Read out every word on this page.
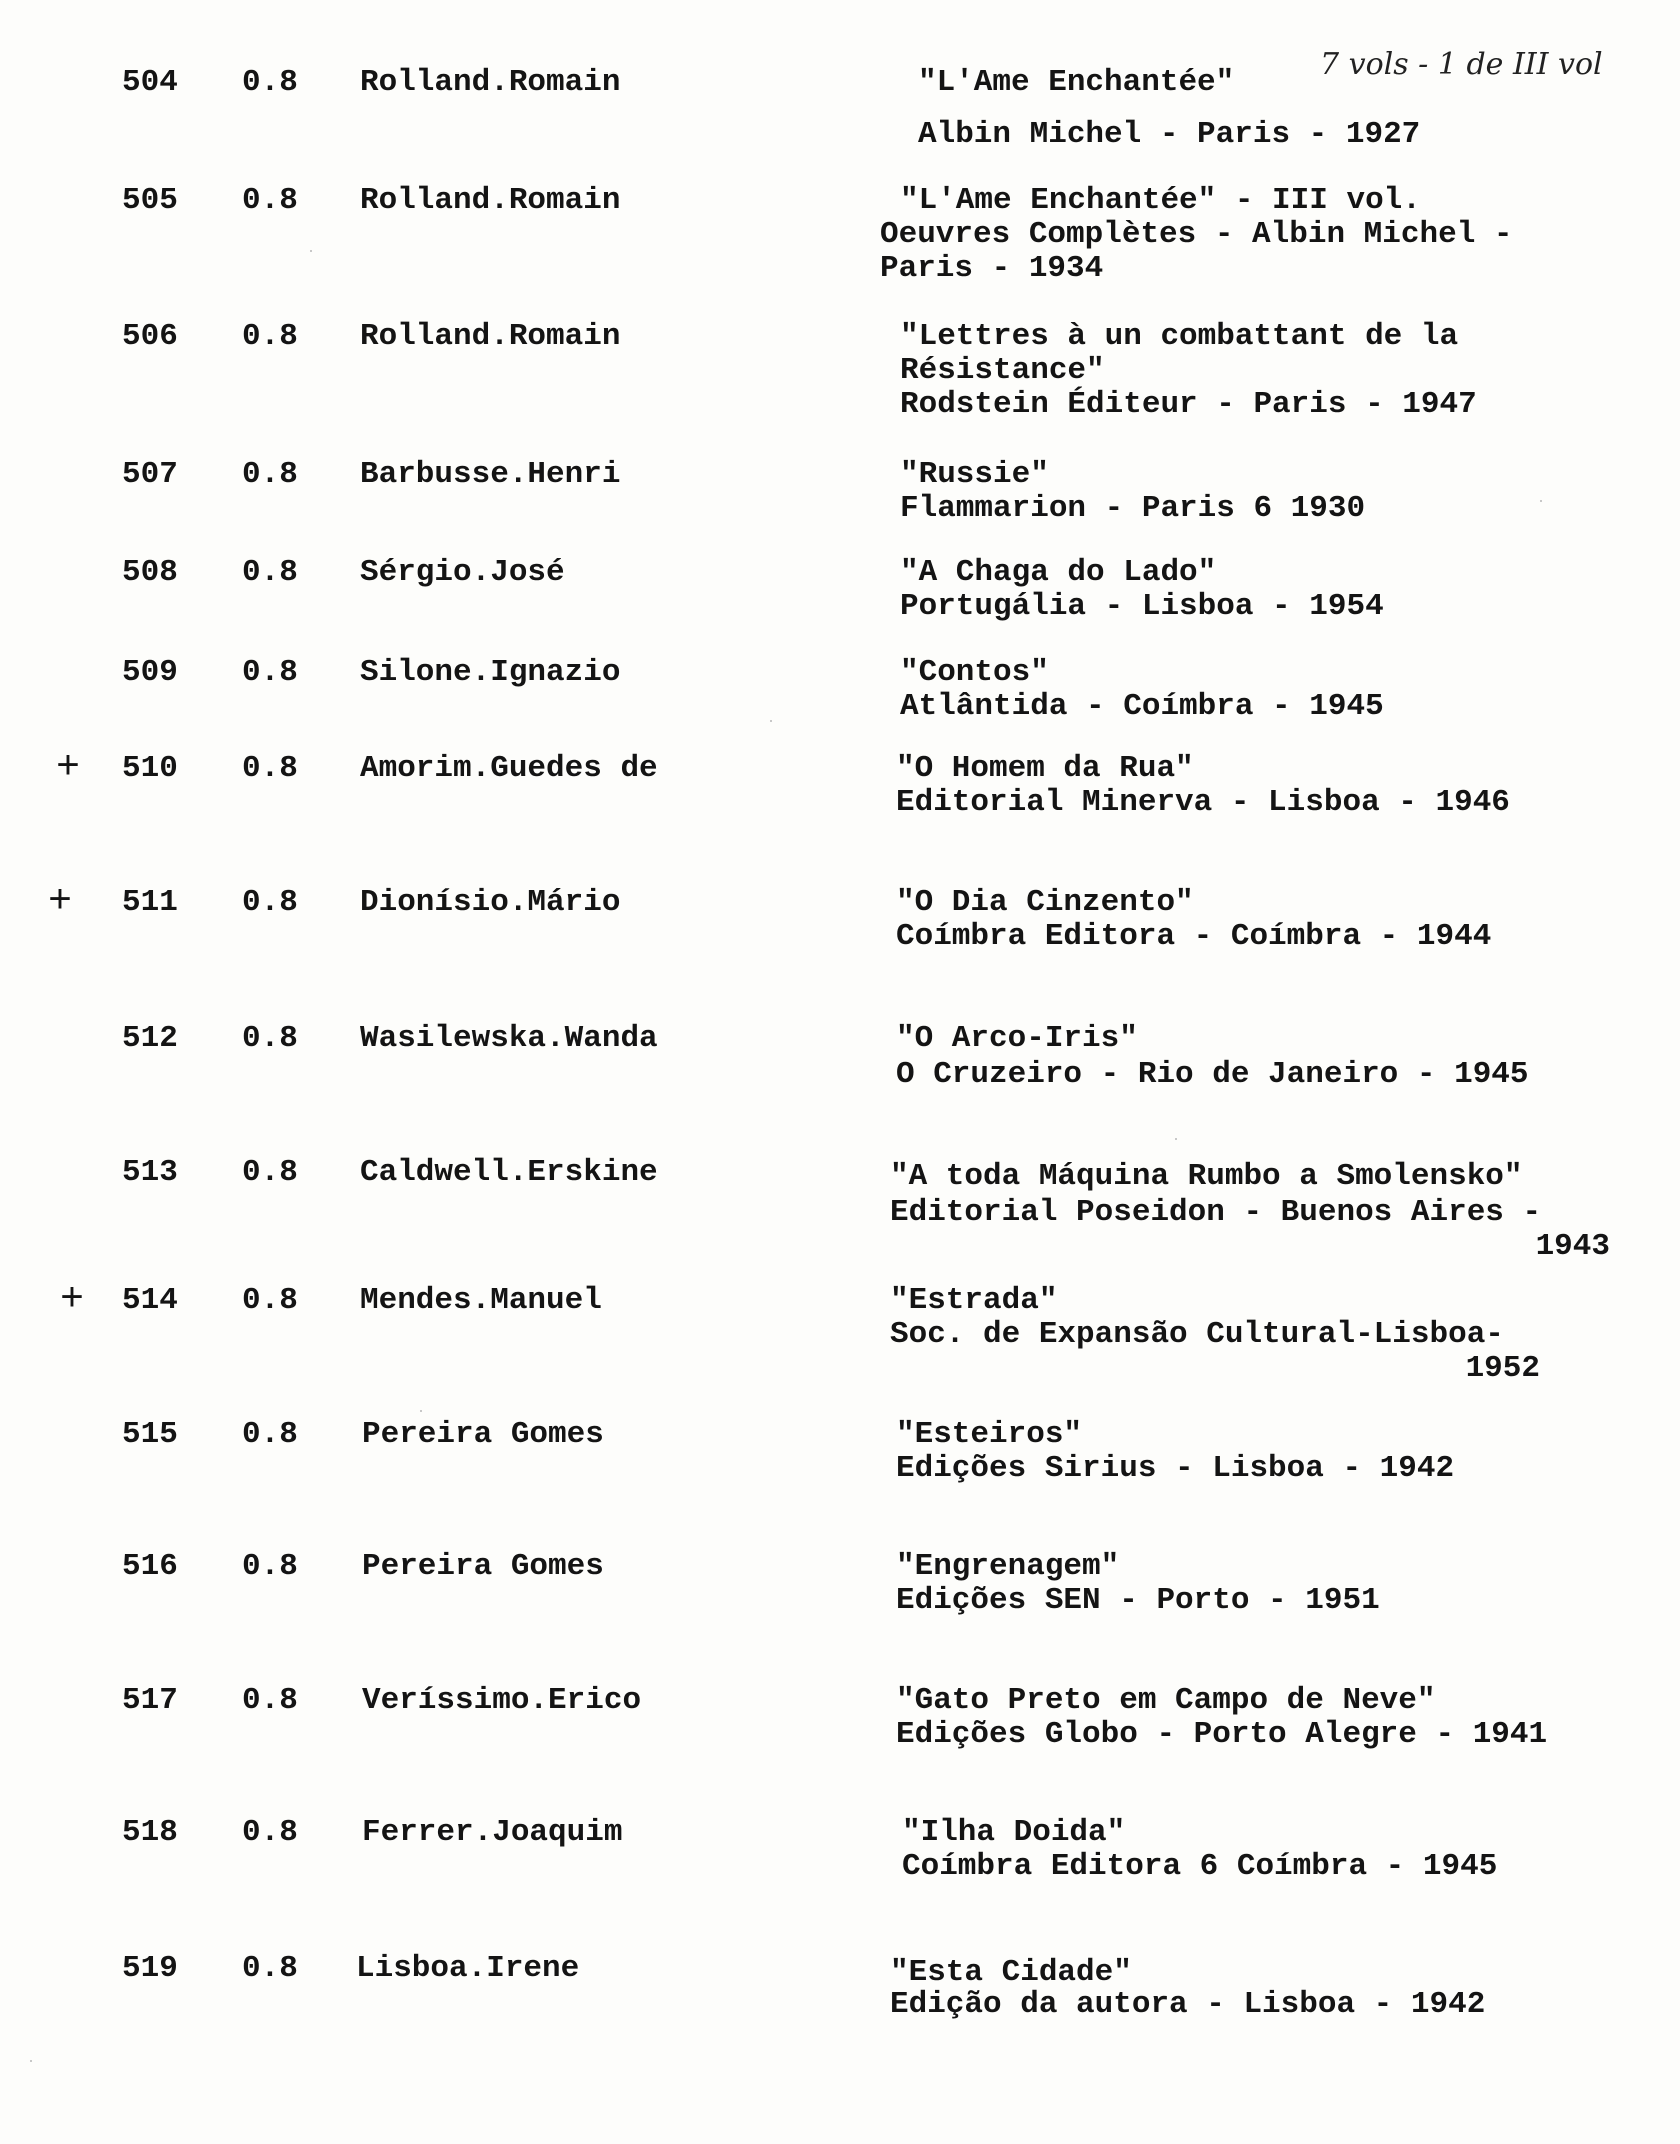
504 0.8 Rolland.Romain	"L'Ame Enchantée"
7 vols - 1 de III vol
Albin Michel - Paris - 1927
505 0.8 Rolland.Romain	"L'Ame Enchantée" - III vol.
Oeuvres Complètes - Albin Michel - Paris - 1934
506 0.8 Rolland.Romain	"Lettres à un combattant de la Résistance"
Rodstein Éditeur - Paris - 1947
507 0.8 Barbusse.Henri	"Russie"
Flammarion - Paris 6 1930
508 0.8 Sérgio.José	"A Chaga do Lado"
Portugália - Lisboa - 1954
509 0.8 Silone.Ignazio	"Contos"
Atlântida - Coímbra - 1945
+ 510 0.8 Amorim.Guedes de	"O Homem da Rua"
Editorial Minerva - Lisboa - 1946
+ 511 0.8 Dionísio.Mário	"O Dia Cinzento"
Coímbra Editora - Coímbra - 1944
512 0.8 Wasilewska.Wanda	"O Arco-Iris"
O Cruzeiro - Rio de Janeiro - 1945
513 0.8 Caldwell.Erskine	"A toda Máquina Rumbo a Smolensko"
Editorial Poseidon - Buenos Aires -
1943
+ 514 0.8 Mendes.Manuel	"Estrada"
Soc. de Expansão Cultural-Lisboa-
1952
515 0.8 Pereira Gomes	"Esteiros"
Edições Sirius - Lisboa - 1942
516 0.8 Pereira Gomes	"Engrenagem"
Edições SEN - Porto - 1951
517 0.8 Veríssimo.Erico	"Gato Preto em Campo de Neve"
Edições Globo - Porto Alegre - 1941
518 0.8 Ferrer.Joaquim	"Ilha Doida"
Coímbra Editora 6 Coímbra - 1945
519 0.8 Lisboa.Irene	"Esta Cidade"
Edição da autora - Lisboa - 1942
